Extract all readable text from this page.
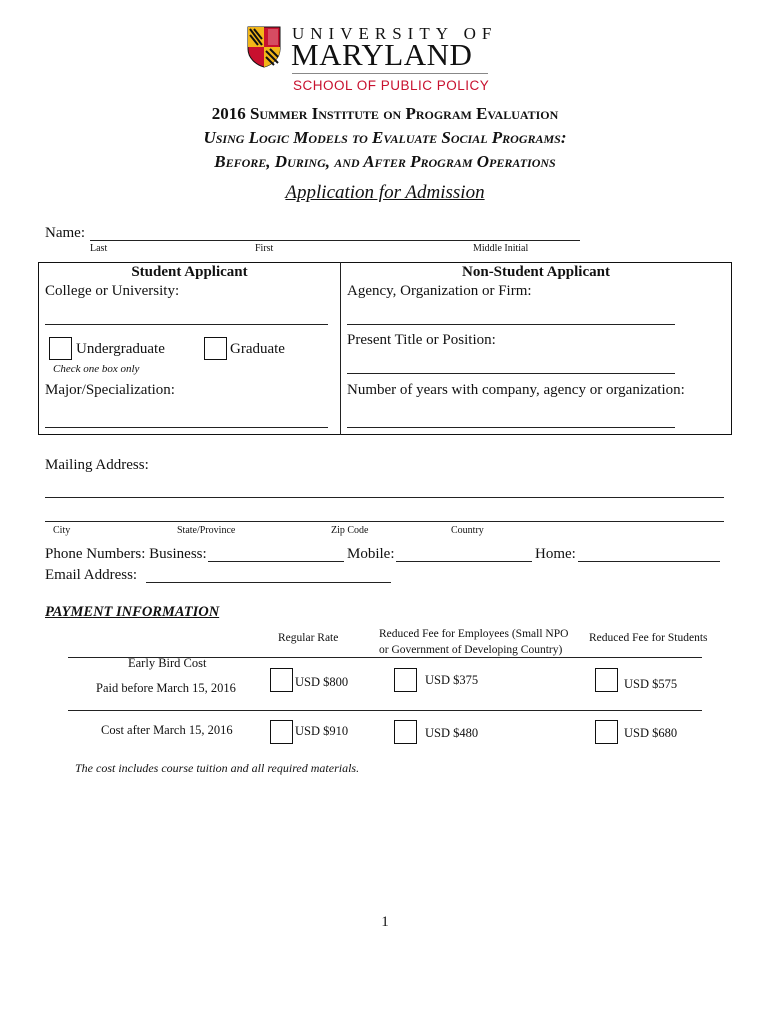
UNIVERSITY OF
MARYLAND
SCHOOL OF PUBLIC POLICY
2016 Summer Institute on Program Evaluation
Using Logic Models to Evaluate Social Programs:
Before, During, and After Program Operations
Application for Admission
Name:
Last	First	Middle Initial
Student Applicant
College or University:
Undergraduate	Graduate
Check one box only
Major/Specialization:
Non-Student Applicant
Agency, Organization or Firm:
Present Title or Position:
Number of years with company, agency or organization:
Mailing Address:
City	State/Province	Zip Code	Country
Phone Numbers: Business:	Mobile:	Home:
Email Address:
PAYMENT INFORMATION
Regular Rate	Reduced Fee for Employees (Small NPO
or Government of Developing Country)
Reduced Fee for Students
Early Bird Cost
Paid before March 15, 2016	USD $800	USD $375	USD $575
Cost after March 15, 2016	USD $910	USD $480	USD $680
The cost includes course tuition and all required materials.
1
